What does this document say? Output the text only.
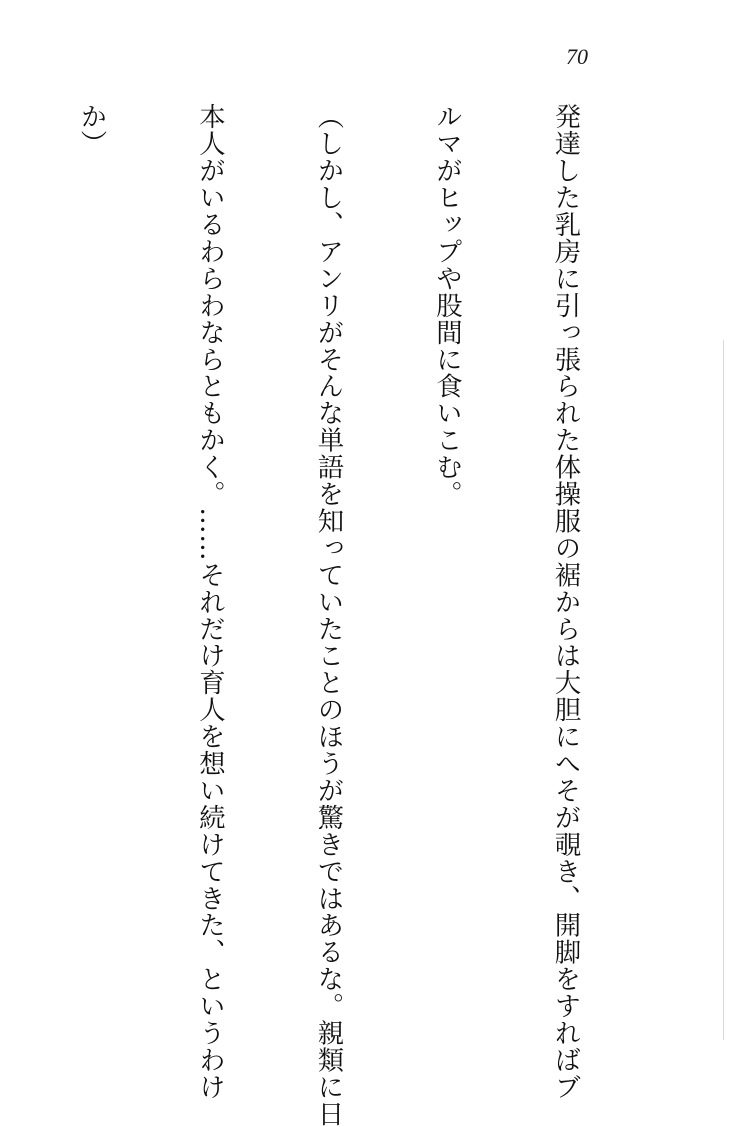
70

発達した乳房に引っ張られた体操服の裾からは大胆にへそが覗き、開脚をすればブ

ルマがヒップや股間に食いこむ。

（しかし、アンリがそんな単語を知っていたことのほうが驚きではあるな。親類に日

本人がいるわらわならともかく。……それだけ育人を想い続けてきた、というわけ

か）
